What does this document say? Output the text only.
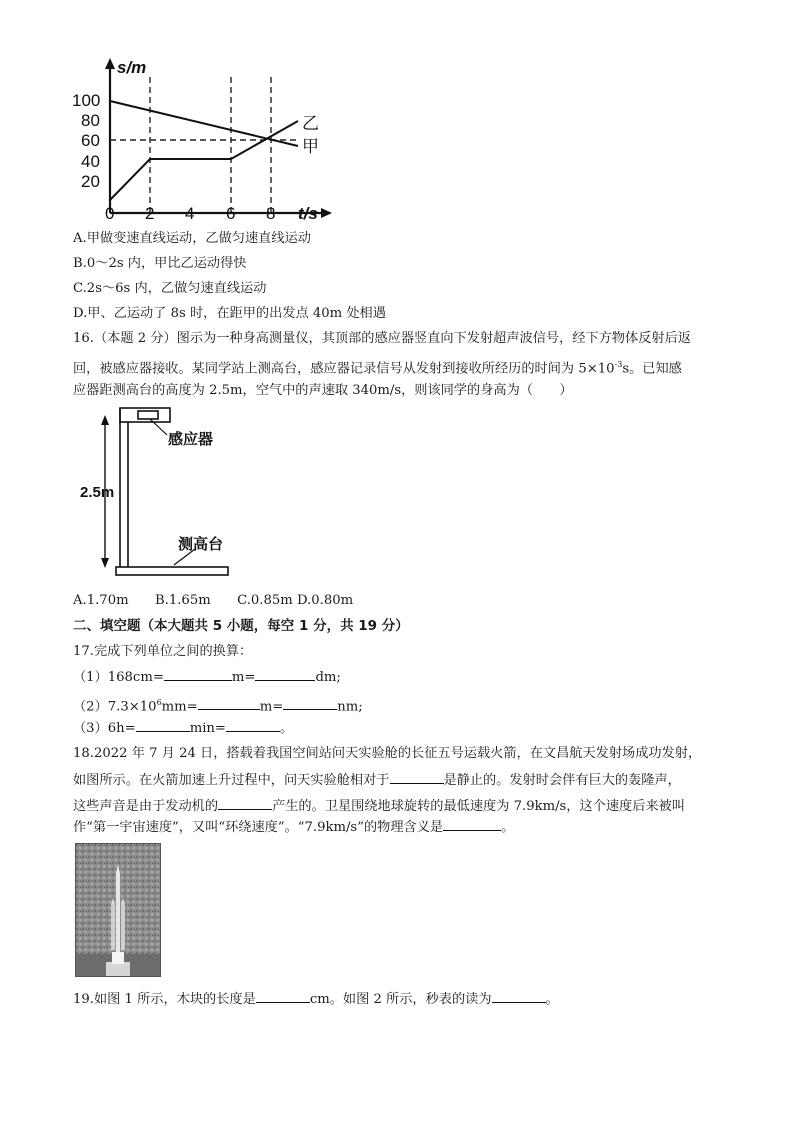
s/m
t/s
100
80
60
40
20
0 2 4 6 8
乙
甲
A.甲做变速直线运动，乙做匀速直线运动
B.0～2s 内，甲比乙运动得快
C.2s～6s 内，乙做匀速直线运动
D.甲、乙运动了 8s 时，在距甲的出发点 40m 处相遇
16.（本题 2 分）图示为一种身高测量仪，其顶部的感应器竖直向下发射超声波信号，经下方物体反射后返
回，被感应器接收。某同学站上测高台，感应器记录信号从发射到接收所经历的时间为 $5\times 10^{-3}s$。已知感
应器距测高台的高度为 2.5m，空气中的声速取 340m/s，则该同学的身高为（　　）
2.5m
感应器
测高台
A.1.70m　　B.1.65m　　C.0.85m D.0.80m
二、填空题（本大题共 5 小题，每空 1 分，共 19 分）
17.完成下列单位之间的换算：
（1）168cm=	m=	dm;
$(2)7.3\times 10^6mm=$	m=	nm;
（3）6h=	min=	。
18.2022 年 7 月 24 日，搭载着我国空间站问天实验舱的长征五号运载火箭，在文昌航天发射场成功发射，
如图所示。在火箭加速上升过程中，问天实验舱相对于	是静止的。发射时会伴有巨大的轰隆声，
这些声音是由于发动机的	产生的。卫星围绕地球旋转的最低速度为 7.9km/s，这个速度后来被叫
作“第一宇宙速度”，又叫“环绕速度”。“7.9km/s”的物理含义是	。
19.如图 1 所示，木块的长度是	cm。如图 2 所示，秒表的读为	。
